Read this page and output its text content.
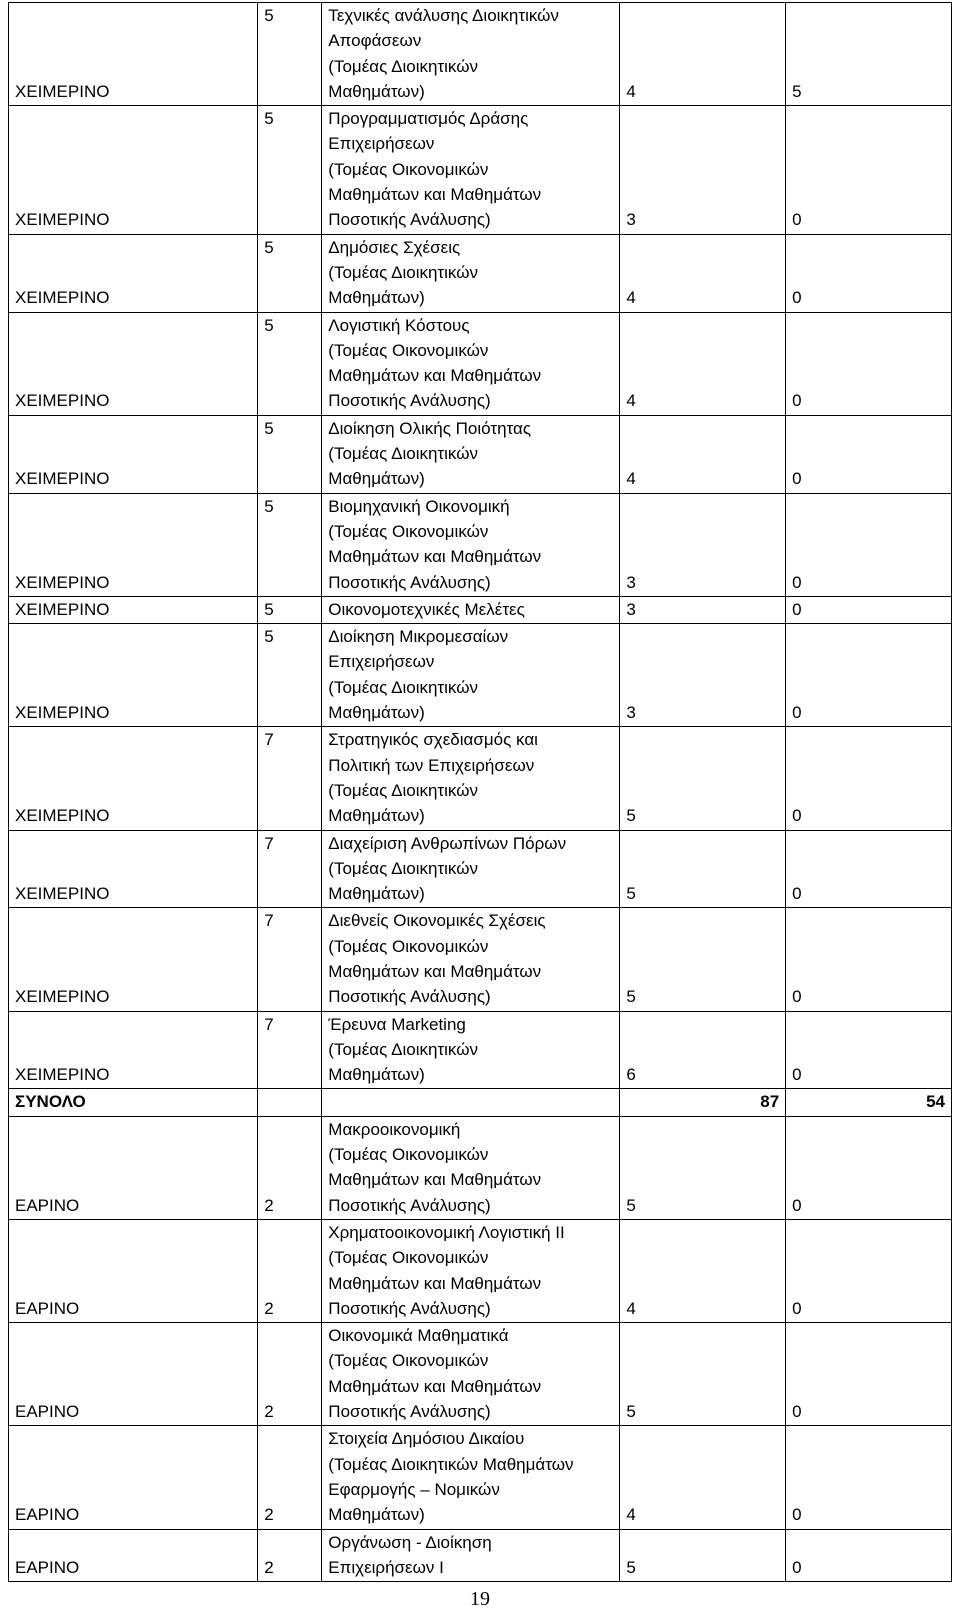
ΧΕΙΜΕΡΙΝΟ	5	Τεχνικές ανάλυσης Διοικητικών
Αποφάσεων
(Τομέας Διοικητικών
Μαθημάτων)	4	5
ΧΕΙΜΕΡΙΝΟ	5	Προγραμματισμός Δράσης
Επιχειρήσεων
(Τομέας Οικονομικών
Μαθημάτων και Μαθημάτων
Ποσοτικής Ανάλυσης)	3	0
ΧΕΙΜΕΡΙΝΟ	5	Δημόσιες Σχέσεις
(Τομέας Διοικητικών
Μαθημάτων)	4	0
ΧΕΙΜΕΡΙΝΟ	5	Λογιστική Κόστους
(Τομέας Οικονομικών
Μαθημάτων και Μαθημάτων
Ποσοτικής Ανάλυσης)	4	0
ΧΕΙΜΕΡΙΝΟ	5	Διοίκηση Ολικής Ποιότητας
(Τομέας Διοικητικών
Μαθημάτων)	4	0
ΧΕΙΜΕΡΙΝΟ	5	Βιομηχανική Οικονομική
(Τομέας Οικονομικών
Μαθημάτων και Μαθημάτων
Ποσοτικής Ανάλυσης)	3	0
ΧΕΙΜΕΡΙΝΟ	5	Οικονομοτεχνικές Μελέτες	3	0
ΧΕΙΜΕΡΙΝΟ	5	Διοίκηση Μικρομεσαίων
Επιχειρήσεων
(Τομέας Διοικητικών
Μαθημάτων)	3	0
ΧΕΙΜΕΡΙΝΟ	7	Στρατηγικός σχεδιασμός και
Πολιτική των Επιχειρήσεων
(Τομέας Διοικητικών
Μαθημάτων)	5	0
ΧΕΙΜΕΡΙΝΟ	7	Διαχείριση Ανθρωπίνων Πόρων
(Τομέας Διοικητικών
Μαθημάτων)	5	0
ΧΕΙΜΕΡΙΝΟ	7	Διεθνείς Οικονομικές Σχέσεις
(Τομέας Οικονομικών
Μαθημάτων και Μαθημάτων
Ποσοτικής Ανάλυσης)	5	0
ΧΕΙΜΕΡΙΝΟ	7	Έρευνα Marketing
(Τομέας Διοικητικών
Μαθημάτων)	6	0
ΣΥΝΟΛΟ			87	54
ΕΑΡΙΝΟ	2	Μακροοικονομική
(Τομέας Οικονομικών
Μαθημάτων και Μαθημάτων
Ποσοτικής Ανάλυσης)	5	0
ΕΑΡΙΝΟ	2	Χρηματοοικονομική Λογιστική ΙΙ
(Τομέας Οικονομικών
Μαθημάτων και Μαθημάτων
Ποσοτικής Ανάλυσης)	4	0
ΕΑΡΙΝΟ	2	Οικονομικά Μαθηματικά
(Τομέας Οικονομικών
Μαθημάτων και Μαθημάτων
Ποσοτικής Ανάλυσης)	5	0
ΕΑΡΙΝΟ	2	Στοιχεία Δημόσιου Δικαίου
(Τομέας Διοικητικών Μαθημάτων
Εφαρμογής – Νομικών
Μαθημάτων)	4	0
ΕΑΡΙΝΟ	2	Οργάνωση - Διοίκηση
Επιχειρήσεων Ι	5	0
19
